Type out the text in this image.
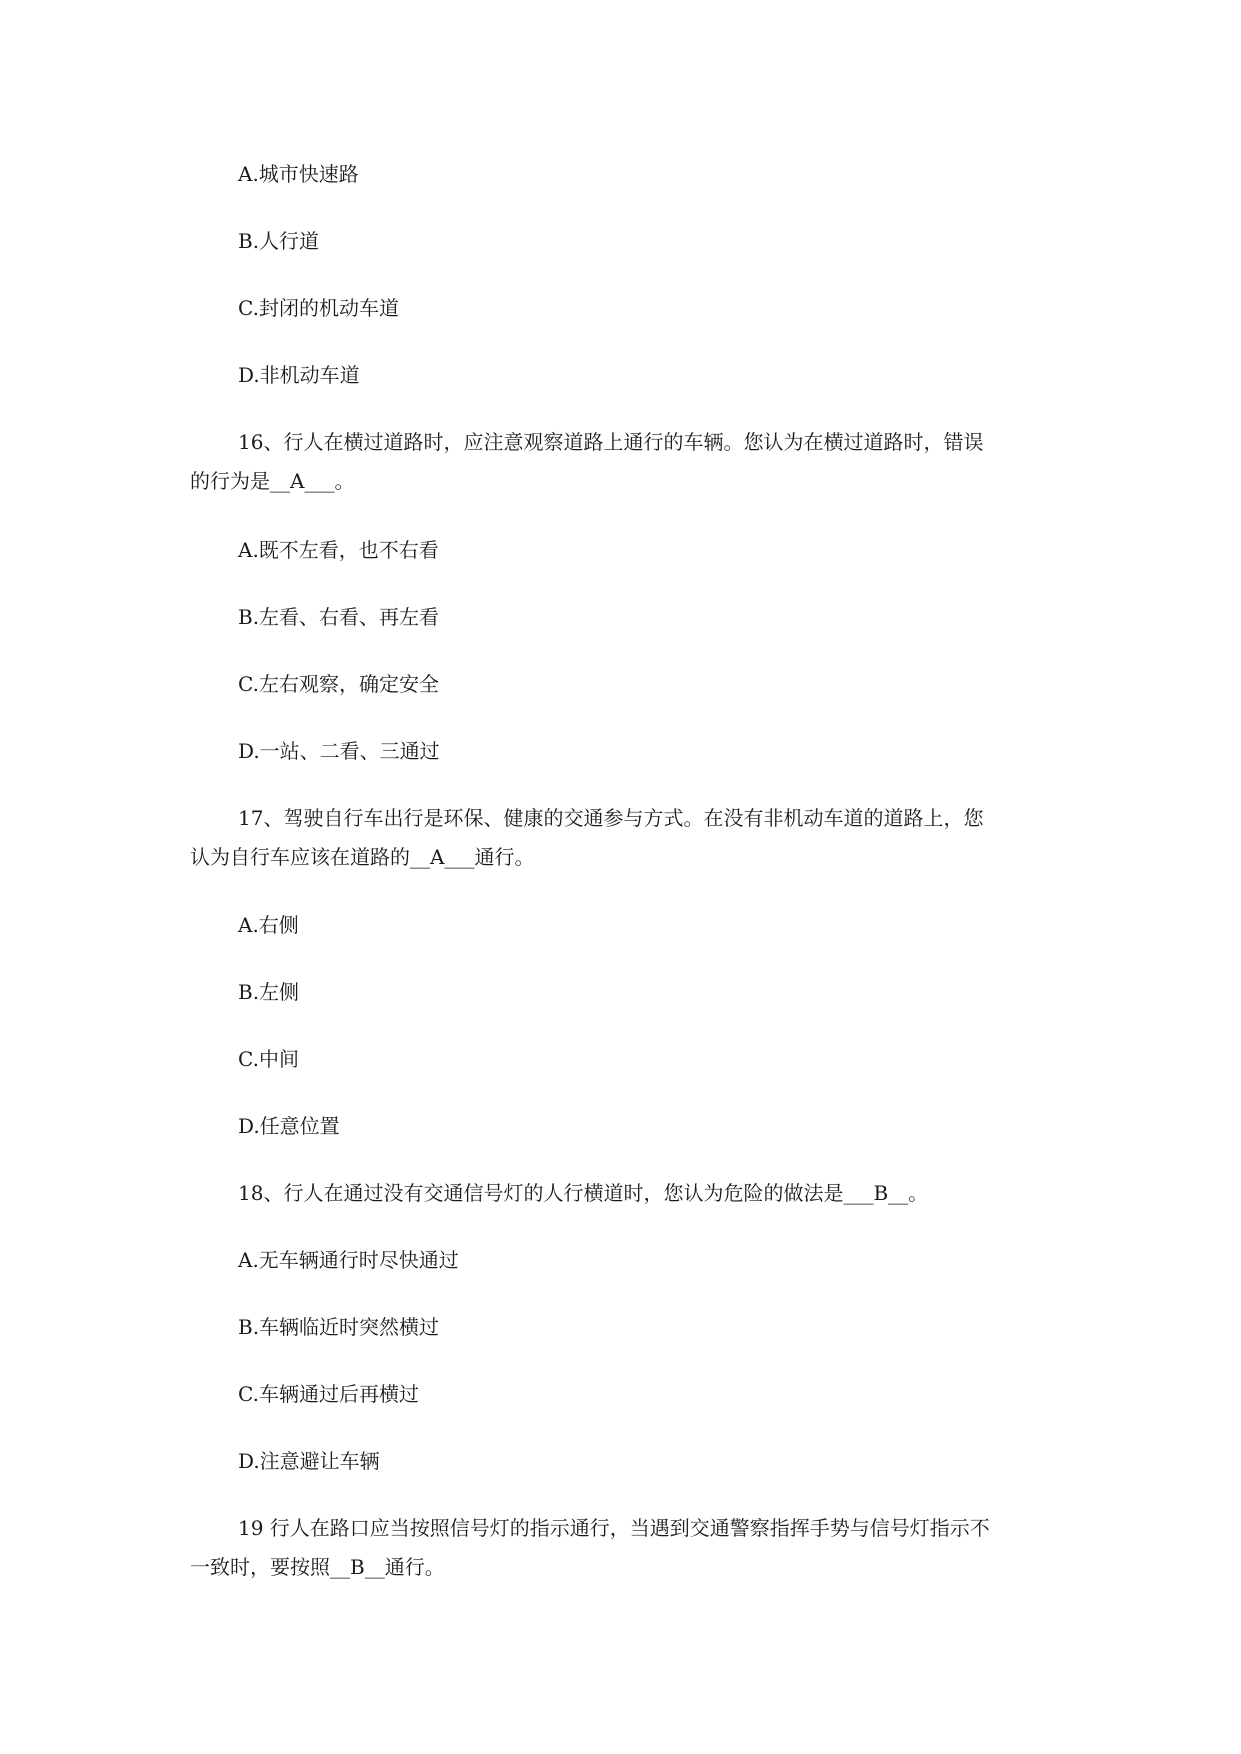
A.城市快速路
B.人行道
C.封闭的机动车道
D.非机动车道
16、行人在横过道路时，应注意观察道路上通行的车辆。您认为在横过道路时，错误
的行为是__A___。
A.既不左看，也不右看
B.左看、右看、再左看
C.左右观察，确定安全
D.一站、二看、三通过
17、驾驶自行车出行是环保、健康的交通参与方式。在没有非机动车道的道路上，您
认为自行车应该在道路的__A___通行。
A.右侧
B.左侧
C.中间
D.任意位置
18、行人在通过没有交通信号灯的人行横道时，您认为危险的做法是___B__。
A.无车辆通行时尽快通过
B.车辆临近时突然横过
C.车辆通过后再横过
D.注意避让车辆
19 行人在路口应当按照信号灯的指示通行，当遇到交通警察指挥手势与信号灯指示不
一致时，要按照__B__通行。
